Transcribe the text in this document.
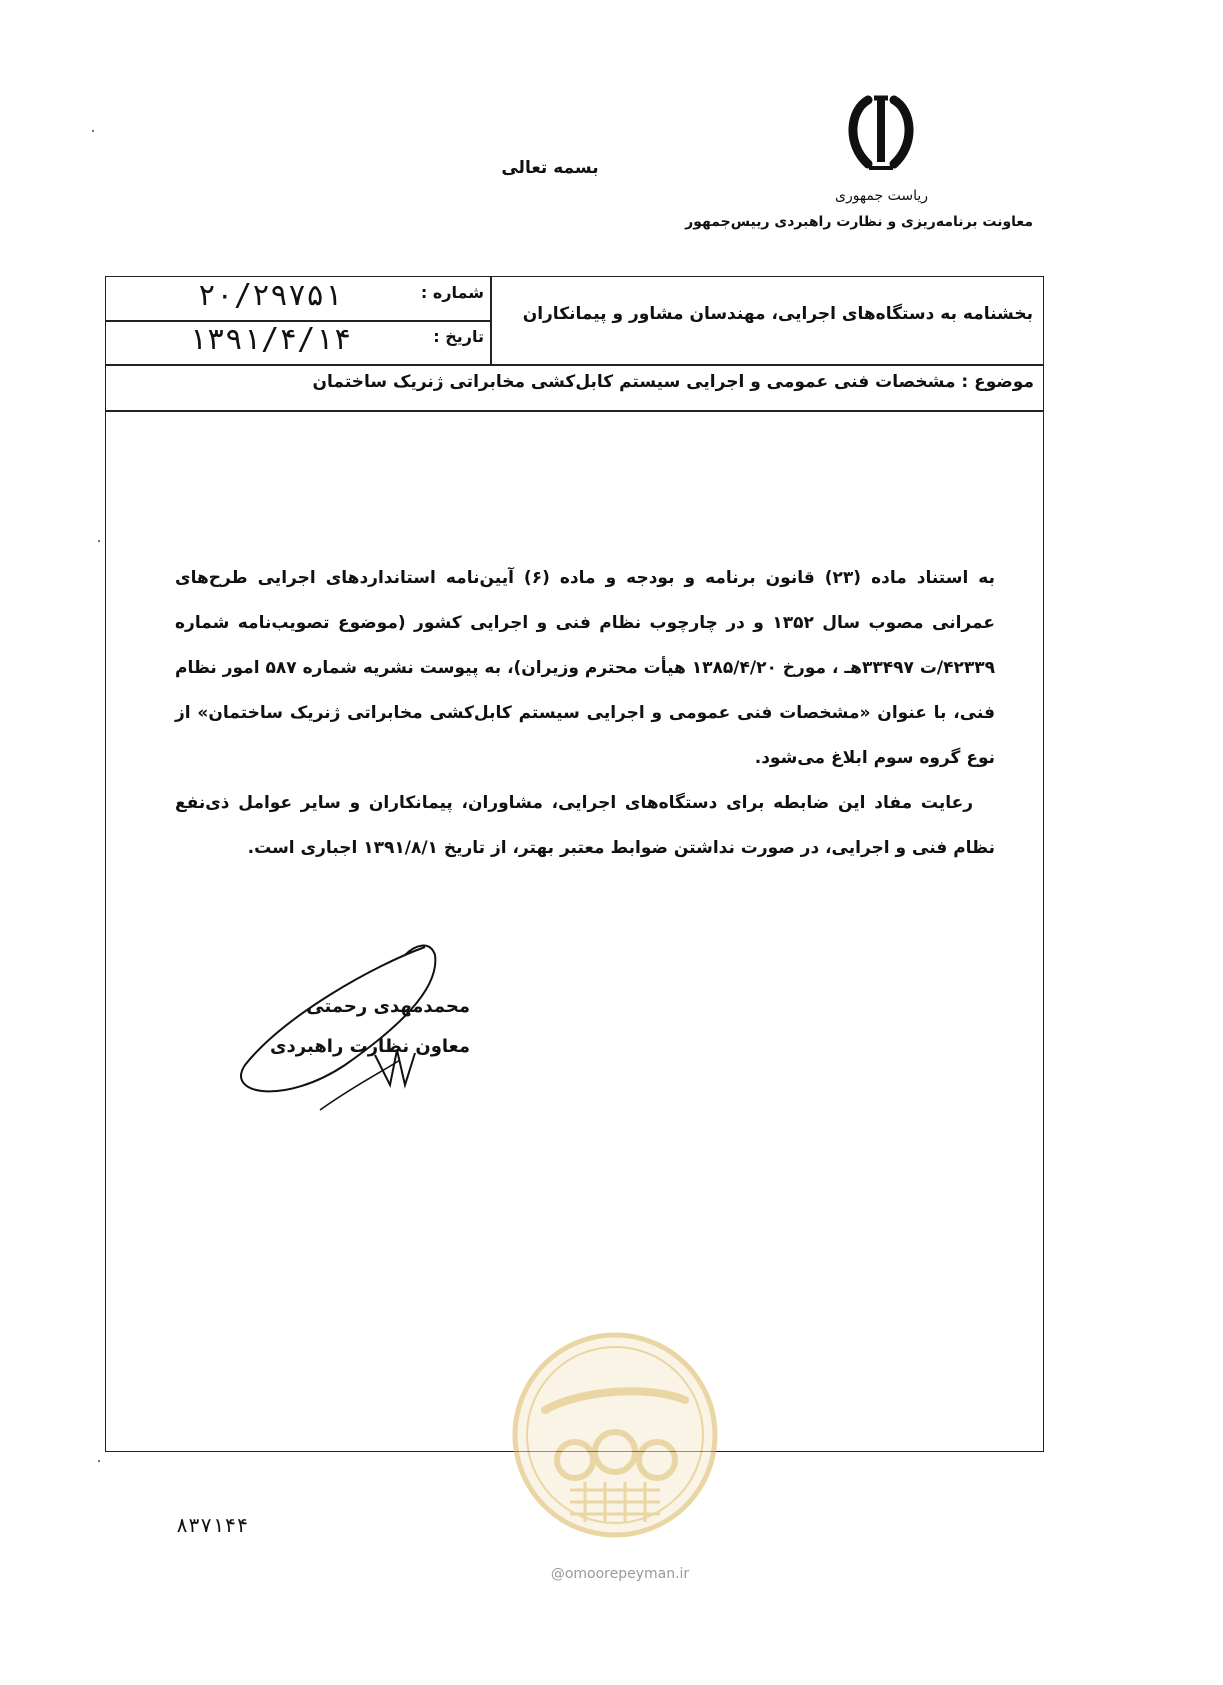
بسمه تعالی
ریاست جمهوری
معاونت برنامه‌ریزی و نظارت راهبردی رییس‌جمهور
بخشنامه به دستگاه‌های اجرایی، مهندسان مشاور و پیمانکاران
شماره :
۲۰/۲۹۷۵۱
تاریخ :
۱۳۹۱/۴/۱۴
موضوع : مشخصات فنی عمومی و اجرایی سیستم کابل‌کشی مخابراتی ژنریک ساختمان

به استناد ماده (۲۳) قانون برنامه و بودجه و ماده (۶) آیین‌نامه استانداردهای اجرایی طرح‌های عمرانی مصوب سال ۱۳۵۲ و در چارچوب نظام فنی و اجرایی کشور (موضوع تصویب‌نامه شماره ۴۲۳۳۹/ت ۳۳۴۹۷هـ ، مورخ ۱۳۸۵/۴/۲۰ هیأت محترم وزیران)، به پیوست نشریه شماره ۵۸۷ امور نظام فنی، با عنوان «مشخصات فنی عمومی و اجرایی سیستم کابل‌کشی مخابراتی ژنریک ساختمان» از نوع گروه سوم ابلاغ می‌شود.

رعایت مفاد این ضابطه برای دستگاه‌های اجرایی، مشاوران، پیمانکاران و سایر عوامل ذی‌نفع نظام فنی و اجرایی، در صورت نداشتن ضوابط معتبر بهتر، از تاریخ ۱۳۹۱/۸/۱ اجباری است.

محمدمهدی رحمتی
معاون نظارت راهبردی
۸۳۷۱۴۴
@omoorepeyman.ir
